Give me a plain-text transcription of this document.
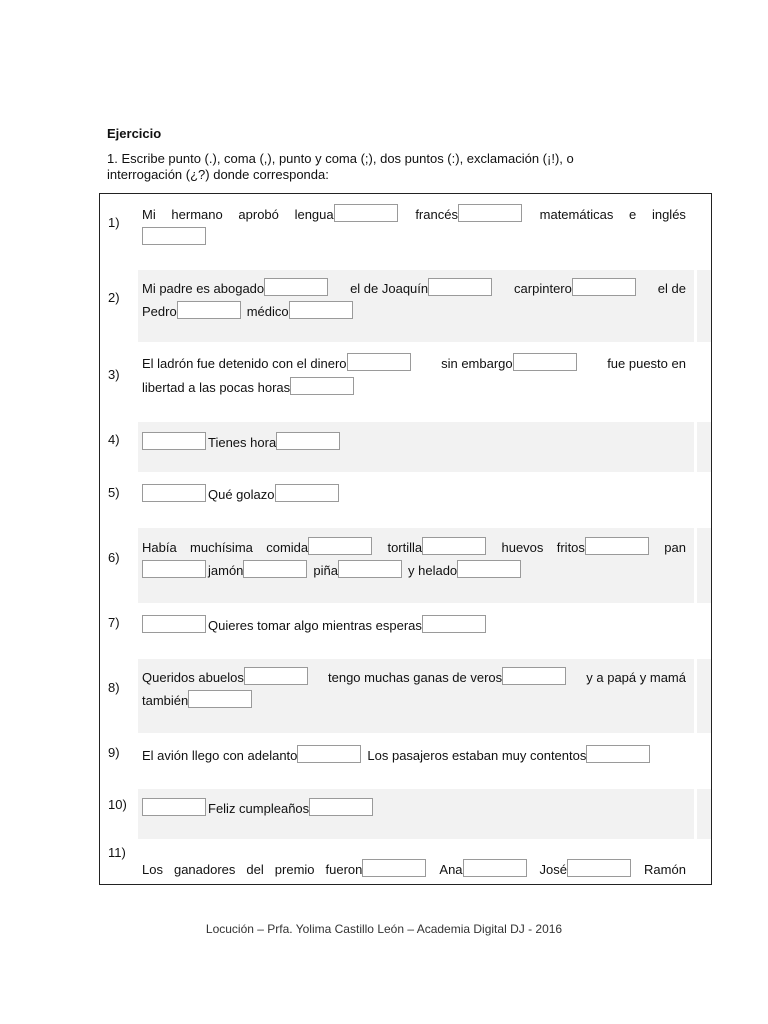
Ejercicio
1. Escribe punto (.), coma (,), punto y coma (;), dos puntos (:), exclamación (¡!), o interrogación (¿?) donde corresponda:
1)
Mi hermano aprobó lengua	francés	matemáticas e inglés
2)
Mi padre es abogado	el de Joaquín	carpintero	el de
Pedro	médico
3)
El ladrón fue detenido con el dinero	sin embargo	fue puesto en
libertad a las pocas horas
4)	Tienes hora
5)	Qué golazo
6)
Había muchísima comida	tortilla	huevos fritos	pan
jamón	piña	y helado
7)	Quieres tomar algo mientras esperas
8)
Queridos abuelos	tengo muchas ganas de veros	y a papá y mamá
también
9) El avión llego con adelanto	Los pasajeros estaban muy contentos
10)	Feliz cumpleaños
11)
Los ganadores del premio fueron	Ana	José	Ramón
Locución – Prfa. Yolima Castillo León – Academia Digital DJ - 2016
